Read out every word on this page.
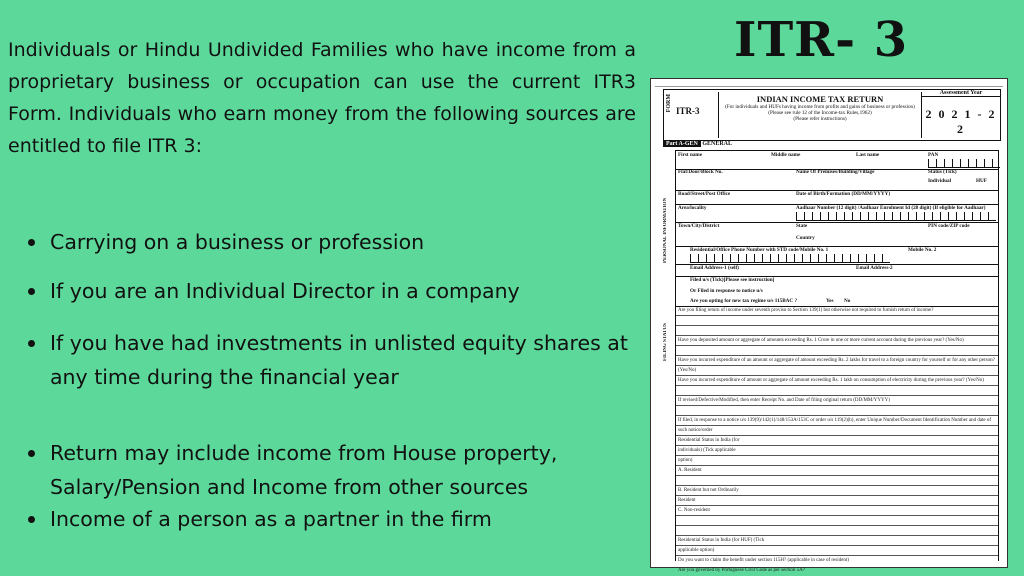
Individuals or Hindu Undivided Families who have income from a proprietary business or occupation can use the current ITR3 Form. Individuals who earn money from the following sources are entitled to file ITR 3:

Carrying on a business or profession
If you are an Individual Director in a company
If you have had investments in unlisted equity shares at any time during the financial year
Return may include income from House property, Salary/Pension and Income from other sources
Income of a person as a partner in the firm
ITR- 3
FORM ITR-3
INDIAN INCOME TAX RETURN
(For individuals and HUFs having income from profits and gains of business or profession)
(Please see rule 12 of the Income-tax Rules,1962)
(Please refer instructions)
Assessment Year
2 0 2 1 - 2 2
Part A-GEN GENERAL
PERSONAL INFORMATION
FILING STATUS
First name	Middle name	Last name	PAN
Flat/Door/Block No.	Name Of Premises/Building/Village	Status (Tick)
Individual	HUF
Road/Street/Post Office	Date of Birth/Formation (DD/MM/YYYY)
Area/locality	Aadhaar Number (12 digit) /Aadhaar Enrolment Id (28 digit) (If eligible for Aadhaar)
Town/City/District	State	PIN code/ZIP code
Country
Residential/Office Phone Number with STD code/Mobile No. 1	Mobile No. 2
Email Address-1 (self)	Email Address-2
Filed u/s (Tick)[Please see instruction]
Or Filed in response to notice u/s
Are you opting for new tax regime u/s 115BAC ?	Yes No
Are you filing return of income under seventh proviso to Section 139(1) but otherwise not required to furnish return of income?
Have you deposited amount or aggregate of amounts exceeding Rs. 1 Crore in one or more current account during the previous year? (Yes/No)
Have you incurred expenditure of an amount or aggregate of amount exceeding Rs. 2 lakhs for travel to a foreign country for yourself or for any other person? (Yes/No)
Have you incurred expenditure of amount or aggregate of amount exceeding Rs. 1 lakh on consumption of electricity during the previous year? (Yes/No)
If revised/Defective/Modified, then enter Receipt No. and Date of filing original return (DD/MM/YYYY)
If filed, in response to a notice u/s 139(9)/142(1)/148/153A/153C or order u/s 119(2)(b), enter Unique Number/Document Identification Number and date of such notice/order
Residential Status in India (for individuals) (Tick applicable option)
A. Resident
B. Resident but not Ordinarily Resident
C. Non-resident
Residential Status in India (for HUF) (Tick applicable option)
Do you want to claim the benefit under section 115H? (applicable in case of resident)
Are you governed by Portuguese Civil Code as per section 5A?
